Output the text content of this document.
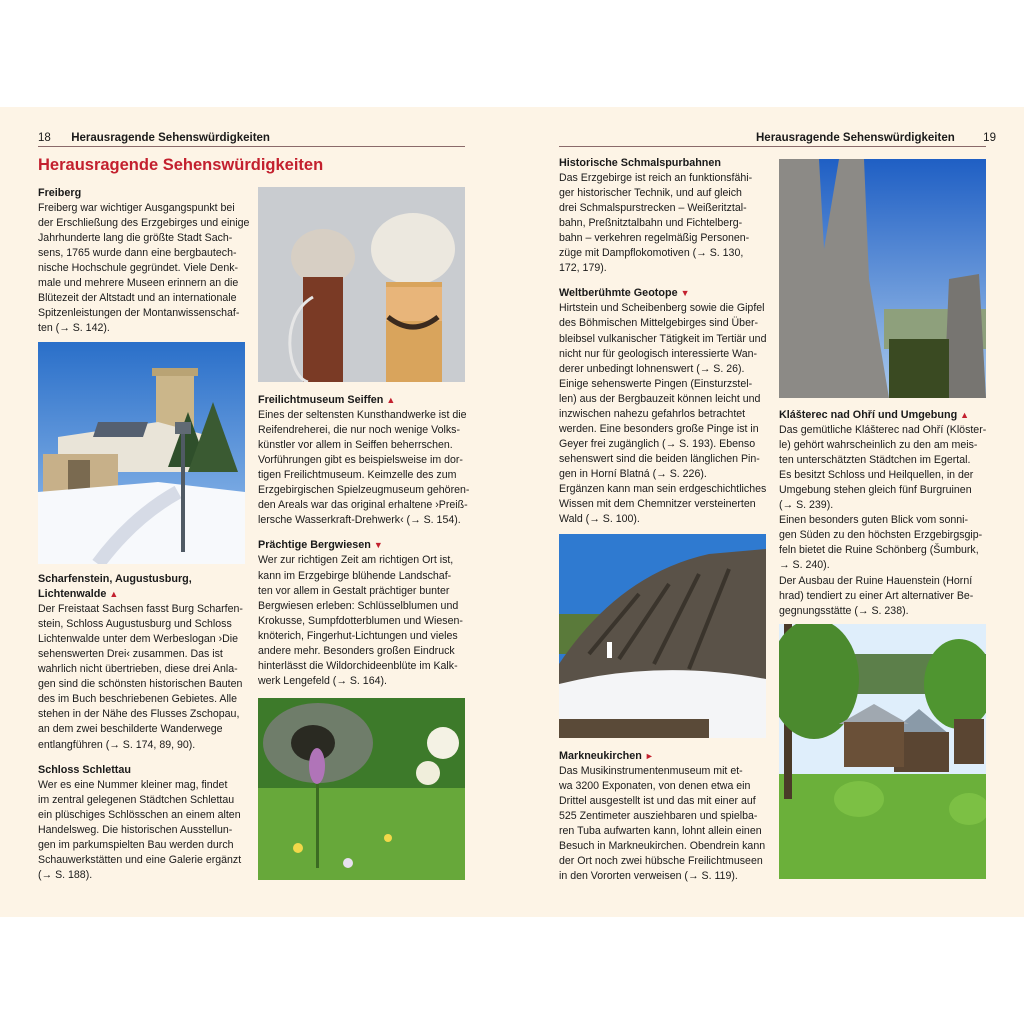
18 Herausragende Sehenswürdigkeiten
Herausragende Sehenswürdigkeiten
Freiberg
Freiberg war wichtiger Ausgangspunkt bei
der Erschließung des Erzgebirges und einige
Jahrhunderte lang die größte Stadt Sach-
sens, 1765 wurde dann eine bergbautech-
nische Hochschule gegründet. Viele Denk-
male und mehrere Museen erinnern an die
Blütezeit der Altstadt und an internationale
Spitzenleistungen der Montanwissenschaf-
ten (→ S. 142).
Scharfenstein, Augustusburg,
Lichtenwalde ▲
Der Freistaat Sachsen fasst Burg Scharfen-
stein, Schloss Augustusburg und Schloss
Lichtenwalde unter dem Werbeslogan ›Die
sehenswerten Drei‹ zusammen. Das ist
wahrlich nicht übertrieben, diese drei Anla-
gen sind die schönsten historischen Bauten
des im Buch beschriebenen Gebietes. Alle
stehen in der Nähe des Flusses Zschopau,
an dem zwei beschilderte Wanderwege
entlangführen (→ S. 174, 89, 90).
Schloss Schlettau
Wer es eine Nummer kleiner mag, findet
im zentral gelegenen Städtchen Schlettau
ein plüschiges Schlösschen an einem alten
Handelsweg. Die historischen Ausstellun-
gen im parkumspielten Bau werden durch
Schauwerkstätten und eine Galerie ergänzt
(→ S. 188).
Freilichtmuseum Seiffen ▲
Eines der seltensten Kunsthandwerke ist die
Reifendreherei, die nur noch wenige Volks-
künstler vor allem in Seiffen beherrschen.
Vorführungen gibt es beispielsweise im dor-
tigen Freilichtmuseum. Keimzelle des zum
Erzgebirgischen Spielzeugmuseum gehören-
den Areals war das original erhaltene ›Preiß-
lersche Wasserkraft-Drehwerk‹ (→ S. 154).
Prächtige Bergwiesen ▼
Wer zur richtigen Zeit am richtigen Ort ist,
kann im Erzgebirge blühende Landschaf-
ten vor allem in Gestalt prächtiger bunter
Bergwiesen erleben: Schlüsselblumen und
Krokusse, Sumpfdotterblumen und Wiesen-
knöterich, Fingerhut-Lichtungen und vieles
andere mehr. Besonders großen Eindruck
hinterlässt die Wildorchideenblüte im Kalk-
werk Lengefeld (→ S. 164).
Herausragende Sehenswürdigkeiten 19
Historische Schmalspurbahnen
Das Erzgebirge ist reich an funktionsfähi-
ger historischer Technik, und auf gleich
drei Schmalspurstrecken – Weißeritztal-
bahn, Preßnitztalbahn und Fichtelberg-
bahn – verkehren regelmäßig Personen-
züge mit Dampflokomotiven (→ S. 130,
172, 179).
Weltberühmte Geotope ▼
Hirtstein und Scheibenberg sowie die Gipfel
des Böhmischen Mittelgebirges sind Über-
bleibsel vulkanischer Tätigkeit im Tertiär und
nicht nur für geologisch interessierte Wan-
derer unbedingt lohnenswert (→ S. 26).
Einige sehenswerte Pingen (Einsturzstel-
len) aus der Bergbauzeit können leicht und
inzwischen nahezu gefahrlos betrachtet
werden. Eine besonders große Pinge ist in
Geyer frei zugänglich (→ S. 193). Ebenso
sehenswert sind die beiden länglichen Pin-
gen in Horní Blatná (→ S. 226).
Ergänzen kann man sein erdgeschichtliches
Wissen mit dem Chemnitzer versteinerten
Wald (→ S. 100).
Markneukirchen ►
Das Musikinstrumentenmuseum mit et-
wa 3200 Exponaten, von denen etwa ein
Drittel ausgestellt ist und das mit einer auf
525 Zentimeter ausziehbaren und spielba-
ren Tuba aufwarten kann, lohnt allein einen
Besuch in Markneukirchen. Obendrein kann
der Ort noch zwei hübsche Freilichtmuseen
in den Vororten verweisen (→ S. 119).
Klášterec nad Ohří und Umgebung ▲
Das gemütliche Klášterec nad Ohří (Klöster-
le) gehört wahrscheinlich zu den am meis-
ten unterschätzten Städtchen im Egertal.
Es besitzt Schloss und Heilquellen, in der
Umgebung stehen gleich fünf Burgruinen
(→ S. 239).
Einen besonders guten Blick vom sonni-
gen Süden zu den höchsten Erzgebirgsgip-
feln bietet die Ruine Schönberg (Šumburk,
→ S. 240).
Der Ausbau der Ruine Hauenstein (Horní
hrad) tendiert zu einer Art alternativer Be-
gegnungsstätte (→ S. 238).
